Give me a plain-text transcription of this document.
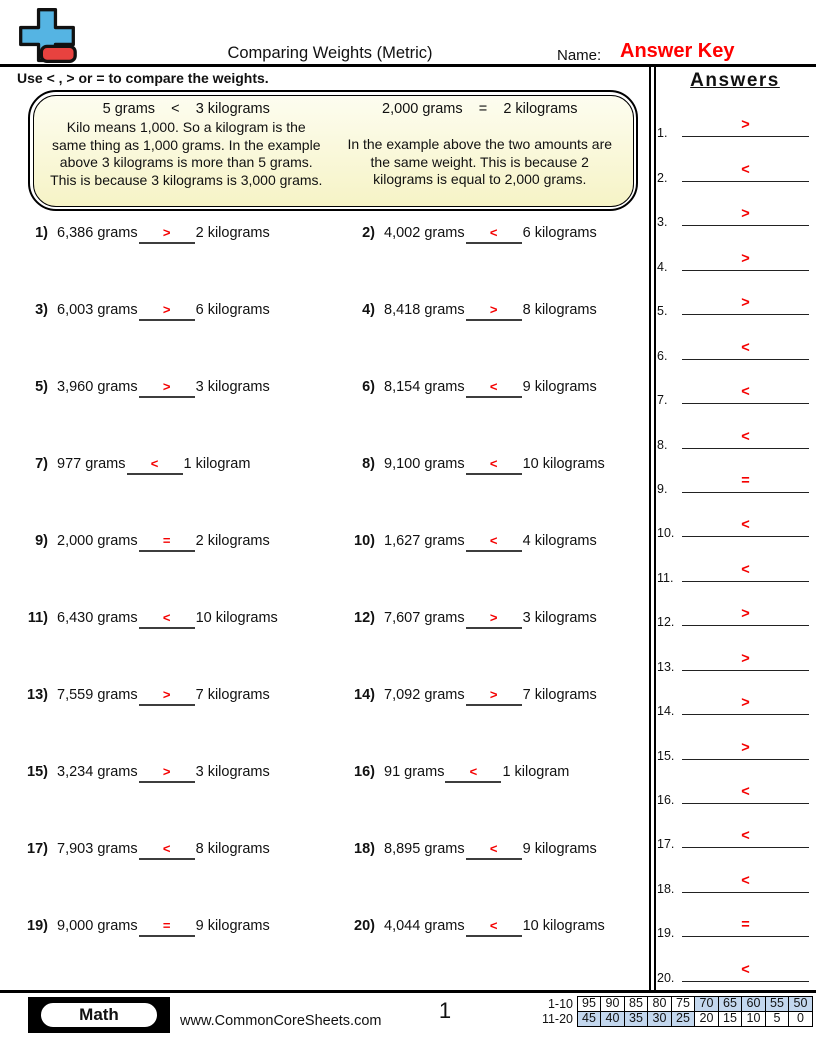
Comparing Weights (Metric)	Name: Answer Key
Use < , > or = to compare the weights.
5 grams    <    3 kilograms
Kilo means 1,000. So a kilogram is the same thing as 1,000 grams. In the example above 3 kilograms is more than 5 grams. This is because 3 kilograms is 3,000 grams.
2,000 grams    =    2 kilograms
In the example above the two amounts are the same weight. This is because 2 kilograms is equal to 2,000 grams.
1) 6,386 grams	>	2 kilograms	2) 4,002 grams	<	6 kilograms
3) 6,003 grams	>	6 kilograms	4) 8,418 grams	>	8 kilograms
5) 3,960 grams	>	3 kilograms	6) 8,154 grams	<	9 kilograms
7) 977 grams	<	1 kilogram	8) 9,100 grams	<	10 kilograms
9) 2,000 grams	=	2 kilograms	10) 1,627 grams	<	4 kilograms
11) 6,430 grams	<	10 kilograms	12) 7,607 grams	>	3 kilograms
13) 7,559 grams	>	7 kilograms	14) 7,092 grams	>	7 kilograms
15) 3,234 grams	>	3 kilograms	16) 91 grams	<	1 kilogram
17) 7,903 grams	<	8 kilograms	18) 8,895 grams	<	9 kilograms
19) 9,000 grams	=	9 kilograms	20) 4,044 grams	<	10 kilograms
Answers
1.	>
2.	<
3.	>
4.	>
5.	>
6.	<
7.	<
8.	<
9.	=
10.	<
11.	<
12.	>
13.	>
14.	>
15.	>
16.	<
17.	<
18.	<
19.	=
20.	<
Math	www.CommonCoreSheets.com	1	1-10 95 90 85 80 75 70 65 60 55 50
11-20 45 40 35 30 25 20 15 10	5	0
